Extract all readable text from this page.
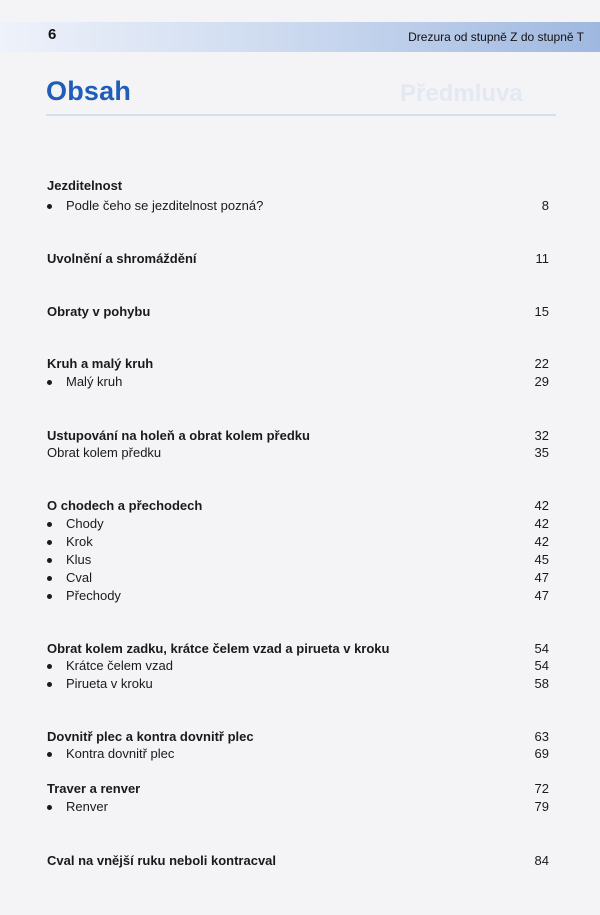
6	Drezura od stupně Z do stupně T
Předmluva
Obsah
Jezditelnost
Podle čeho se jezditelnost pozná?	8
Uvolnění a shromáždění	11
Obraty v pohybu	15
Kruh a malý kruh	22
Malý kruh	29
Ustupování na holeň a obrat kolem předku	32
Obrat kolem předku	35
O chodech a přechodech	42
Chody	42
Krok	42
Klus	45
Cval	47
Přechody	47
Obrat kolem zadku, krátce čelem vzad a pirueta v kroku	54
Krátce čelem vzad	54
Pirueta v kroku	58
Dovnitř plec a kontra dovnitř plec	63
Kontra dovnitř plec	69
Traver a renver	72
Renver	79
Cval na vnější ruku neboli kontracval	84
